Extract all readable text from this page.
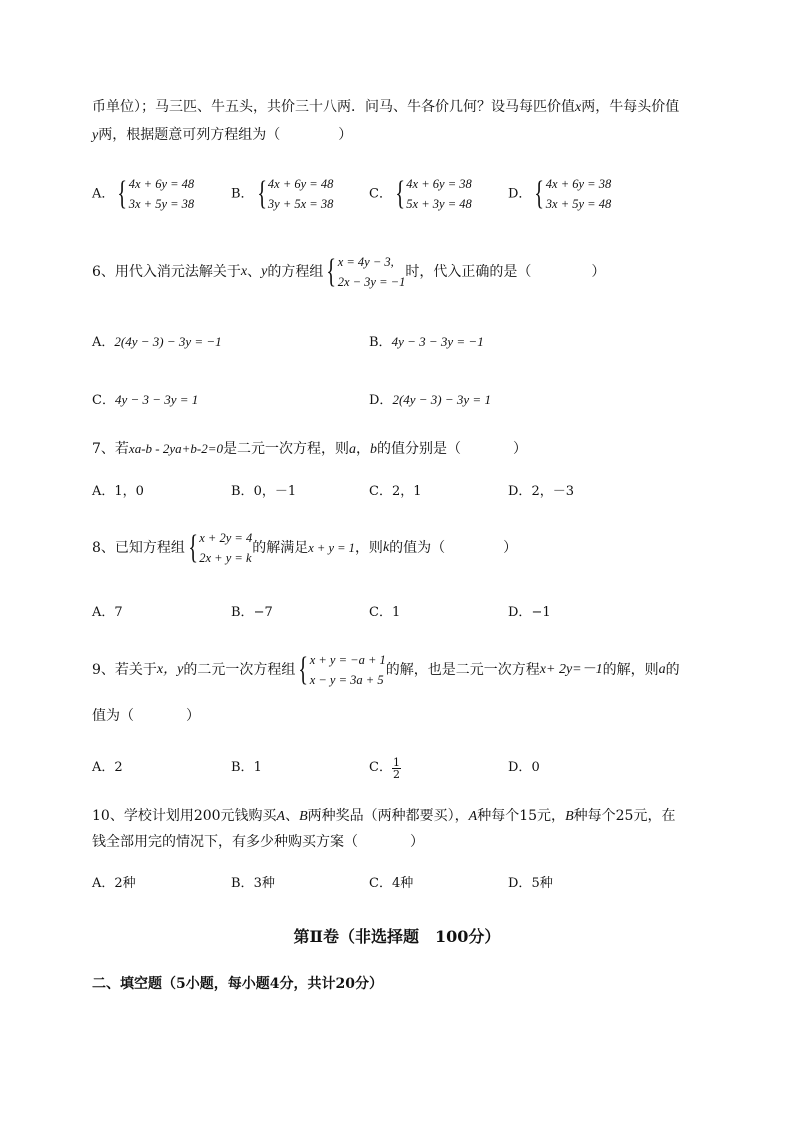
币单位）；马三匹、牛五头，共价三十八两．问马、牛各价几何？设马每匹价值x两，牛每头价值
y两，根据题意可列方程组为（	）
A． { 4x + 6y = 48
3x + 5y = 38
B． { 4x + 6y = 48
3y + 5x = 38
C． { 4x + 6y = 38
5x + 3y = 48
D． { 4x + 6y = 38
3x + 5y = 48
6、用代入消元法解关于 x 、 y 的方程组 { x = 4y − 3,
2x − 3y = −1
时，代入正确的是（	）
A．2(4y − 3) − 3y = −1	B．4y − 3 − 3y = −1
C．4y − 3 − 3y = 1	D．2(4y − 3) − 3y = 1
7、若xa-b - 2ya+b-2=0是二元一次方程，则a，b的值分别是（	）
A．1，0	B．0，－1	C．2，1	D．2，－3
8、已知方程组 { x + 2y = 4
2x + y = k
的解满足 x + y = 1 ，则 k 的值为（	）
A．7	B．−7	C．1	D．−1
9、若关于 x，y 的二元一次方程组 { x + y = −a + 1
x − y = 3a + 5
的解，也是二元一次方程 x+ 2y=－1 的解，则 a 的
值为（	）
A．2	B．1	C． $\frac{1}{2}$	D．0
10、学校计划用200元钱购买A、B两种奖品（两种都要买），A种每个15元，B种每个25元，在
钱全部用完的情况下，有多少种购买方案（	）
A．2种	B．3种	C．4种	D．5种
第Ⅱ卷（非选择题　100分）
二、填空题（5小题，每小题4分，共计20分）
